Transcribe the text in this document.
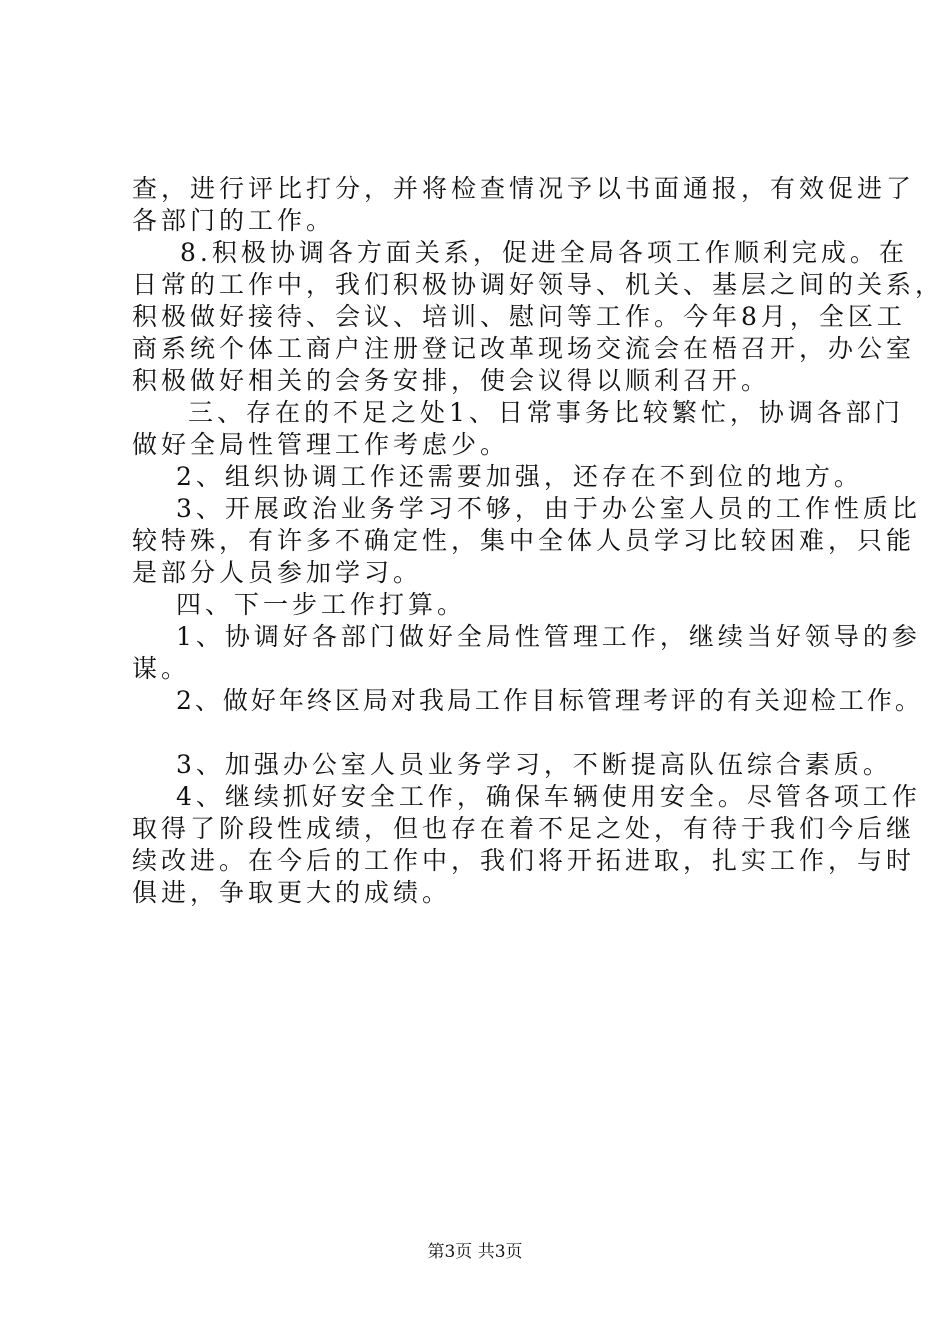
查，进行评比打分，并将检查情况予以书面通报，有效促进了
各部门的工作。
8.积极协调各方面关系，促进全局各项工作顺利完成。在
日常的工作中，我们积极协调好领导、机关、基层之间的关系，
积极做好接待、会议、培训、慰问等工作。今年8月，全区工
商系统个体工商户注册登记改革现场交流会在梧召开，办公室
积极做好相关的会务安排，使会议得以顺利召开。
三、存在的不足之处1、日常事务比较繁忙，协调各部门
做好全局性管理工作考虑少。
2、组织协调工作还需要加强，还存在不到位的地方。
3、开展政治业务学习不够，由于办公室人员的工作性质比
较特殊，有许多不确定性，集中全体人员学习比较困难，只能
是部分人员参加学习。
四、下一步工作打算。
1、协调好各部门做好全局性管理工作，继续当好领导的参
谋。
2、做好年终区局对我局工作目标管理考评的有关迎检工作。
3、加强办公室人员业务学习，不断提高队伍综合素质。
4、继续抓好安全工作，确保车辆使用安全。尽管各项工作
取得了阶段性成绩，但也存在着不足之处，有待于我们今后继
续改进。在今后的工作中，我们将开拓进取，扎实工作，与时
俱进，争取更大的成绩。
第3页 共3页
